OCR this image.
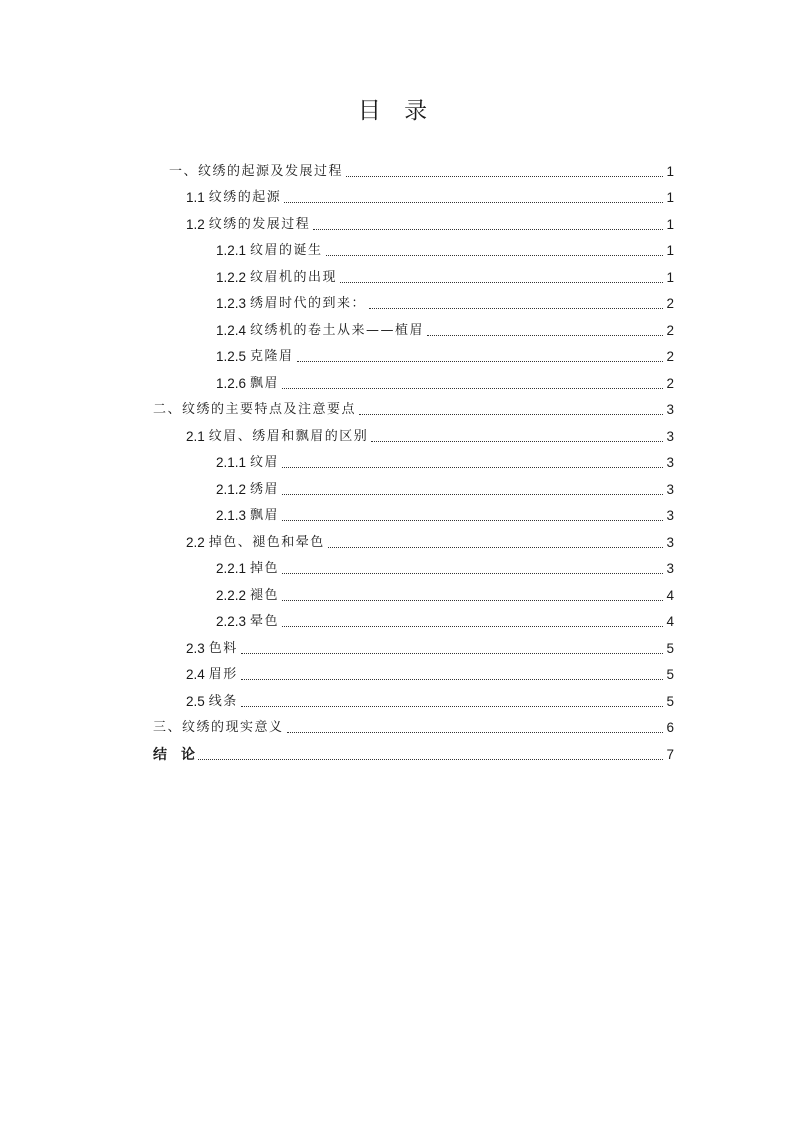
目 录
一、纹绣的起源及发展过程	1
1.1 纹绣的起源	1
1.2 纹绣的发展过程	1
1.2.1 纹眉的诞生	1
1.2.2 纹眉机的出现	1
1.2.3 绣眉时代的到来：	2
1.2.4 纹绣机的卷土从来——植眉	2
1.2.5 克隆眉	2
1.2.6 飘眉	2
二、纹绣的主要特点及注意要点	3
2.1 纹眉、绣眉和飘眉的区别	3
2.1.1 纹眉	3
2.1.2 绣眉	3
2.1.3 飘眉	3
2.2 掉色、褪色和晕色	3
2.2.1 掉色	3
2.2.2 褪色	4
2.2.3 晕色	4
2.3 色料	5
2.4 眉形	5
2.5 线条	5
三、纹绣的现实意义	6
结　论	7
